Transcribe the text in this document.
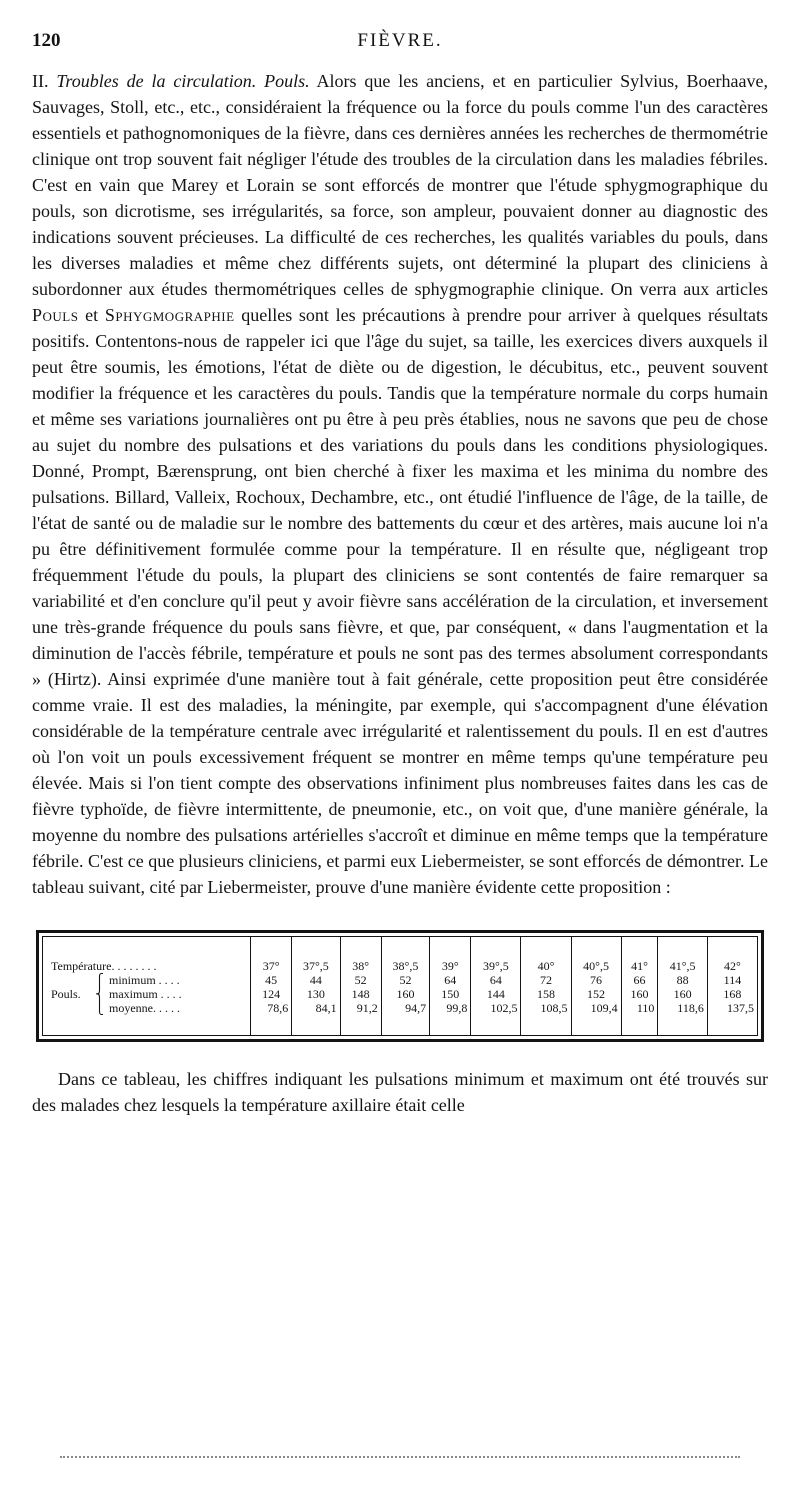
120	FIÈVRE.

II. Troubles de la circulation. Pouls. Alors que les anciens, et en particulier Sylvius, Boerhaave, Sauvages, Stoll, etc., etc., considéraient la fréquence ou la force du pouls comme l'un des caractères essentiels et pathognomoniques de la fièvre, dans ces dernières années les recherches de thermométrie clinique ont trop souvent fait négliger l'étude des troubles de la circulation dans les maladies fébriles. C'est en vain que Marey et Lorain se sont efforcés de montrer que l'étude sphygmographique du pouls, son dicrotisme, ses irrégularités, sa force, son ampleur, pouvaient donner au diagnostic des indications souvent précieuses. La difficulté de ces recherches, les qualités variables du pouls, dans les diverses maladies et même chez différents sujets, ont déterminé la plupart des cliniciens à subordonner aux études thermométriques celles de sphygmographie clinique. On verra aux articles Pouls et Sphygmographie quelles sont les précautions à prendre pour arriver à quelques résultats positifs. Contentons-nous de rappeler ici que l'âge du sujet, sa taille, les exercices divers auxquels il peut être soumis, les émotions, l'état de diète ou de digestion, le décubitus, etc., peuvent souvent modifier la fréquence et les caractères du pouls. Tandis que la température normale du corps humain et même ses variations journalières ont pu être à peu près établies, nous ne savons que peu de chose au sujet du nombre des pulsations et des variations du pouls dans les conditions physiologiques. Donné, Prompt, Bærensprung, ont bien cherché à fixer les maxima et les minima du nombre des pulsations. Billard, Valleix, Rochoux, Dechambre, etc., ont étudié l'influence de l'âge, de la taille, de l'état de santé ou de maladie sur le nombre des battements du cœur et des artères, mais aucune loi n'a pu être définitivement formulée comme pour la température. Il en résulte que, négligeant trop fréquemment l'étude du pouls, la plupart des cliniciens se sont contentés de faire remarquer sa variabilité et d'en conclure qu'il peut y avoir fièvre sans accélération de la circulation, et inversement une très-grande fréquence du pouls sans fièvre, et que, par conséquent, « dans l'augmentation et la diminution de l'accès fébrile, température et pouls ne sont pas des termes absolument correspondants » (Hirtz). Ainsi exprimée d'une manière tout à fait générale, cette proposition peut être considérée comme vraie. Il est des maladies, la méningite, par exemple, qui s'accompagnent d'une élévation considérable de la température centrale avec irrégularité et ralentissement du pouls. Il en est d'autres où l'on voit un pouls excessivement fréquent se montrer en même temps qu'une température peu élevée. Mais si l'on tient compte des observations infiniment plus nombreuses faites dans les cas de fièvre typhoïde, de fièvre intermittente, de pneumonie, etc., on voit que, d'une manière générale, la moyenne du nombre des pulsations artérielles s'accroît et diminue en même temps que la température fébrile. C'est ce que plusieurs cliniciens, et parmi eux Liebermeister, se sont efforcés de démontrer. Le tableau suivant, cité par Liebermeister, prouve d'une manière évidente cette proposition :

Température. . . . . . . .	37°	37°,5	38°	38°,5	39°	39°,5	40°	40°,5	41°	41°,5	42°
⎧ minimum . . . .	45	44	52	52	64	64	72	76	66	88	114
Pouls. ⎨ maximum . . . .	124	130	148	160	150	144	158	152	160	160	168
⎩ moyenne. . . . .	78,6	84,1	91,2	94,7	99,8	102,5	108,5	109,4	110	118,6	137,5
Dans ce tableau, les chiffres indiquant les pulsations minimum et maximum ont été trouvés sur des malades chez lesquels la température axillaire était celle
